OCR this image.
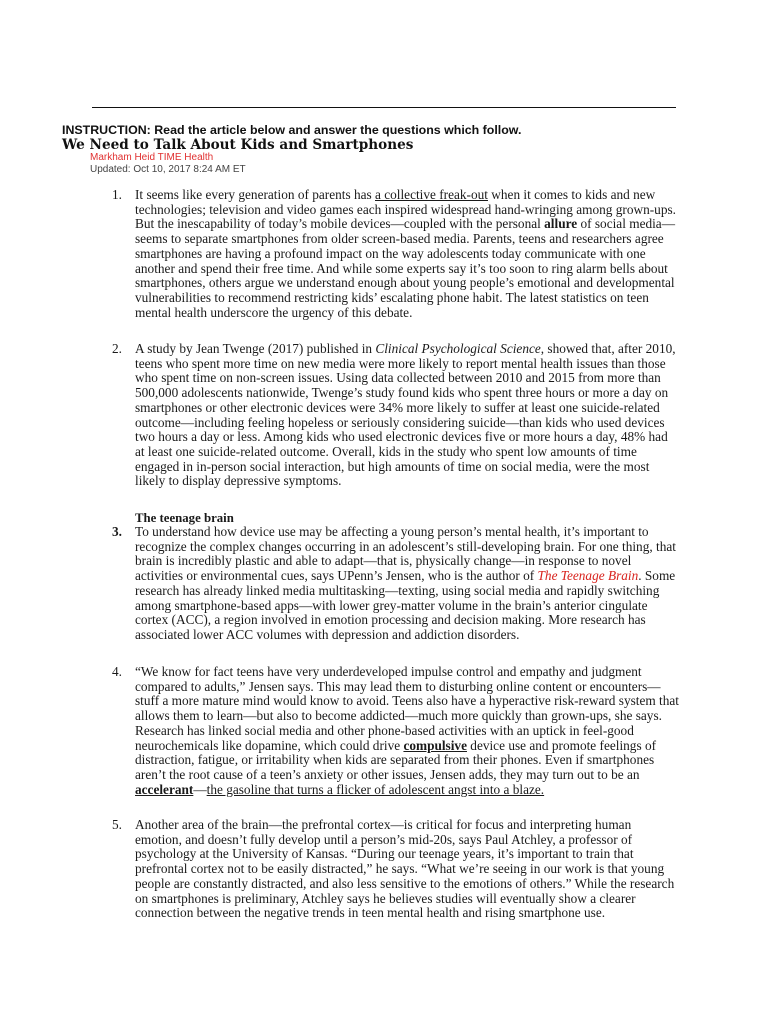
INSTRUCTION: Read the article below and answer the questions which follow.
We Need to Talk About Kids and Smartphones
Markham Heid TIME Health
Updated: Oct 10, 2017 8:24 AM ET

1. It seems like every generation of parents has a collective freak-out when it comes to kids and new technologies; television and video games each inspired widespread hand-wringing among grown-ups. But the inescapability of today’s mobile devices—coupled with the personal allure of social media—seems to separate smartphones from older screen-based media. Parents, teens and researchers agree smartphones are having a profound impact on the way adolescents today communicate with one another and spend their free time. And while some experts say it’s too soon to ring alarm bells about smartphones, others argue we understand enough about young people’s emotional and developmental vulnerabilities to recommend restricting kids’ escalating phone habit. The latest statistics on teen mental health underscore the urgency of this debate.

2. A study by Jean Twenge (2017) published in Clinical Psychological Science, showed that, after 2010, teens who spent more time on new media were more likely to report mental health issues than those who spent time on non-screen issues. Using data collected between 2010 and 2015 from more than 500,000 adolescents nationwide, Twenge’s study found kids who spent three hours or more a day on smartphones or other electronic devices were 34% more likely to suffer at least one suicide-related outcome—including feeling hopeless or seriously considering suicide—than kids who used devices two hours a day or less. Among kids who used electronic devices five or more hours a day, 48% had at least one suicide-related outcome. Overall, kids in the study who spent low amounts of time engaged in in-person social interaction, but high amounts of time on social media, were the most likely to display depressive symptoms.

The teenage brain

3. To understand how device use may be affecting a young person’s mental health, it’s important to recognize the complex changes occurring in an adolescent’s still-developing brain. For one thing, that brain is incredibly plastic and able to adapt—that is, physically change—in response to novel activities or environmental cues, says UPenn’s Jensen, who is the author of The Teenage Brain. Some research has already linked media multitasking—texting, using social media and rapidly switching among smartphone-based apps—with lower grey-matter volume in the brain’s anterior cingulate cortex (ACC), a region involved in emotion processing and decision making. More research has associated lower ACC volumes with depression and addiction disorders.

4. “We know for fact teens have very underdeveloped impulse control and empathy and judgment compared to adults,” Jensen says. This may lead them to disturbing online content or encounters—stuff a more mature mind would know to avoid. Teens also have a hyperactive risk-reward system that allows them to learn—but also to become addicted—much more quickly than grown-ups, she says. Research has linked social media and other phone-based activities with an uptick in feel-good neurochemicals like dopamine, which could drive compulsive device use and promote feelings of distraction, fatigue, or irritability when kids are separated from their phones. Even if smartphones aren’t the root cause of a teen’s anxiety or other issues, Jensen adds, they may turn out to be an accelerant—the gasoline that turns a flicker of adolescent angst into a blaze.

5. Another area of the brain—the prefrontal cortex—is critical for focus and interpreting human emotion, and doesn’t fully develop until a person’s mid-20s, says Paul Atchley, a professor of psychology at the University of Kansas. “During our teenage years, it’s important to train that prefrontal cortex not to be easily distracted,” he says. “What we’re seeing in our work is that young people are constantly distracted, and also less sensitive to the emotions of others.” While the research on smartphones is preliminary, Atchley says he believes studies will eventually show a clearer connection between the negative trends in teen mental health and rising smartphone use.
